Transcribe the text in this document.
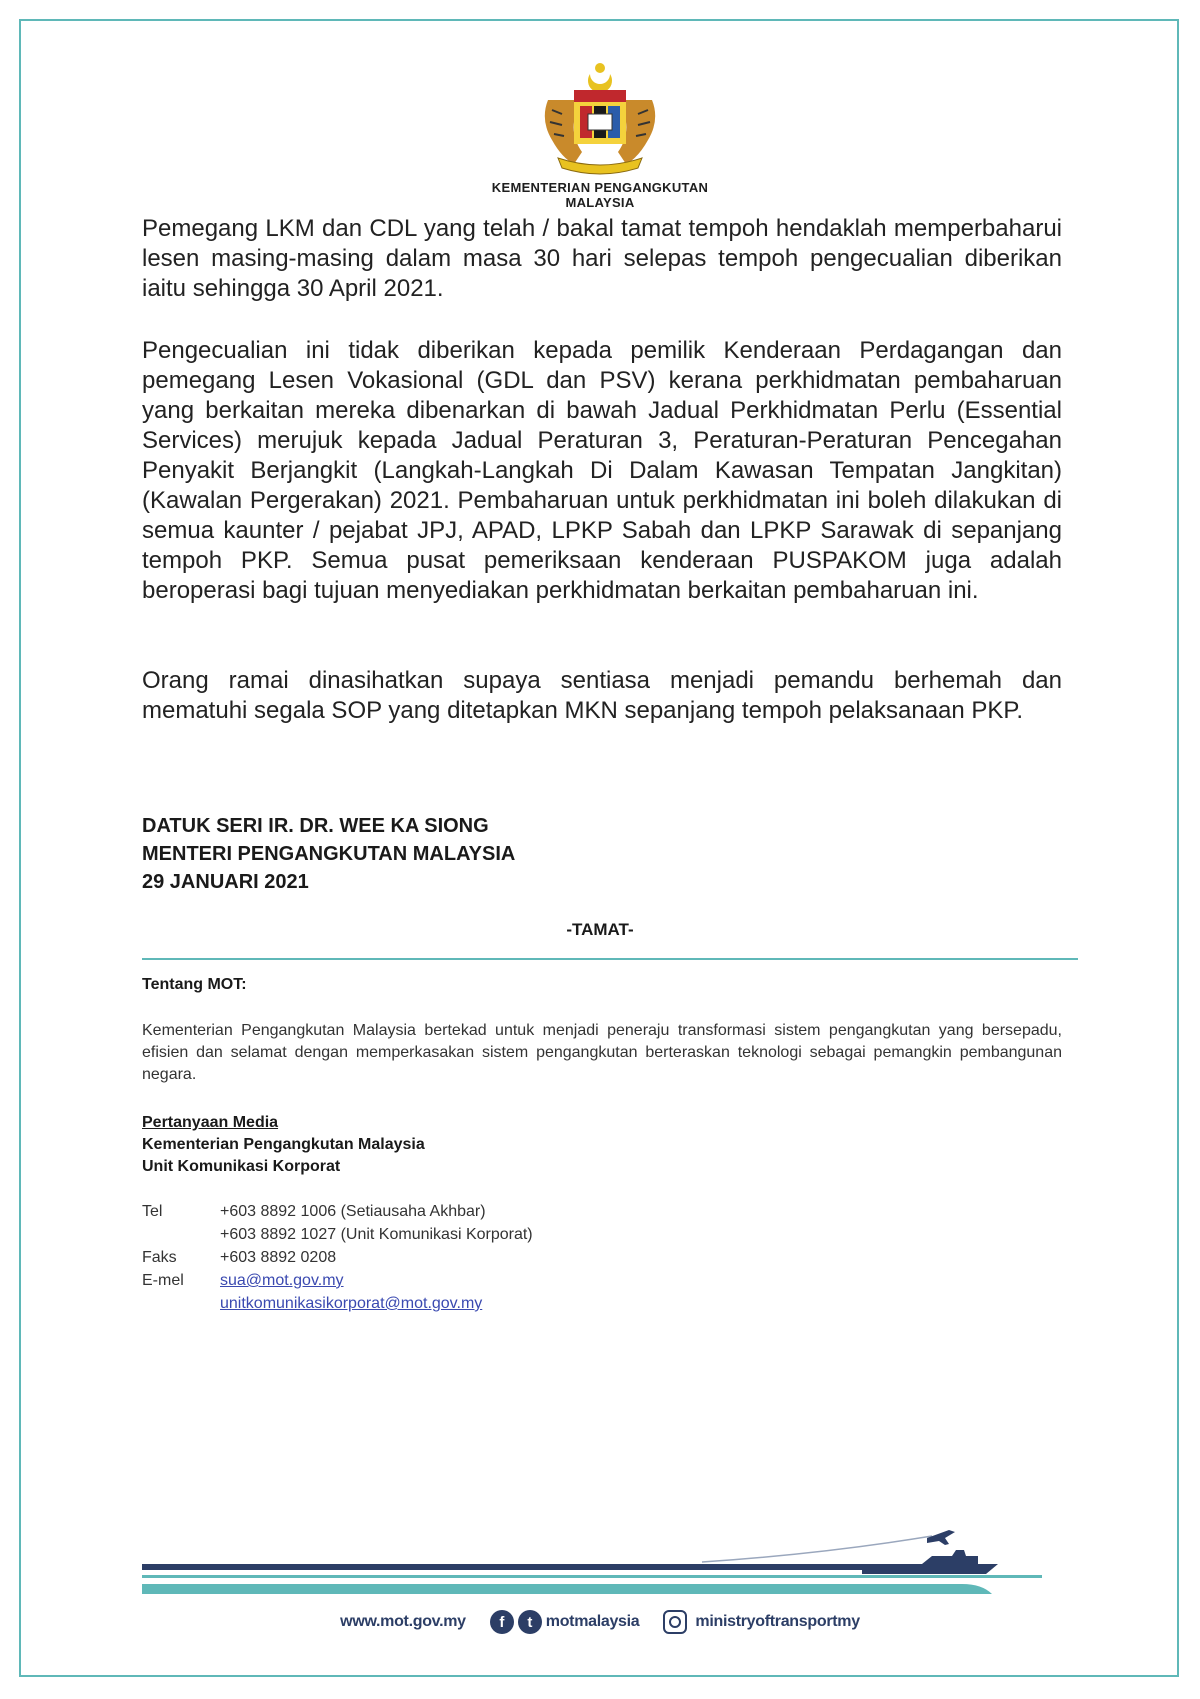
KEMENTERIAN PENGANGKUTAN
MALAYSIA

Pemegang LKM dan CDL yang telah / bakal tamat tempoh hendaklah memperbaharui lesen masing-masing dalam masa 30 hari selepas tempoh pengecualian diberikan iaitu sehingga 30 April 2021.

Pengecualian ini tidak diberikan kepada pemilik Kenderaan Perdagangan dan pemegang Lesen Vokasional (GDL dan PSV) kerana perkhidmatan pembaharuan yang berkaitan mereka dibenarkan di bawah Jadual Perkhidmatan Perlu (Essential Services) merujuk kepada Jadual Peraturan 3, Peraturan-Peraturan Pencegahan Penyakit Berjangkit (Langkah-Langkah Di Dalam Kawasan Tempatan Jangkitan) (Kawalan Pergerakan) 2021. Pembaharuan untuk perkhidmatan ini boleh dilakukan di semua kaunter / pejabat JPJ, APAD, LPKP Sabah dan LPKP Sarawak di sepanjang tempoh PKP. Semua pusat pemeriksaan kenderaan PUSPAKOM juga adalah beroperasi bagi tujuan menyediakan perkhidmatan berkaitan pembaharuan ini.

Orang ramai dinasihatkan supaya sentiasa menjadi pemandu berhemah dan mematuhi segala SOP yang ditetapkan MKN sepanjang tempoh pelaksanaan PKP.

DATUK SERI IR. DR. WEE KA SIONG
MENTERI PENGANGKUTAN MALAYSIA
29 JANUARI 2021
-TAMAT-
Tentang MOT:

Kementerian Pengangkutan Malaysia bertekad untuk menjadi peneraju transformasi sistem pengangkutan yang bersepadu, efisien dan selamat dengan memperkasakan sistem pengangkutan berteraskan teknologi sebagai pemangkin pembangunan negara.

Pertanyaan Media
Kementerian Pengangkutan Malaysia
Unit Komunikasi Korporat
Tel	+603 8892 1006 (Setiausaha Akhbar)
+603 8892 1027 (Unit Komunikasi Korporat)
Faks	+603 8892 0208
E-mel	sua@mot.gov.my
unitkomunikasikorporat@mot.gov.my
www.mot.gov.my	f	t motmalaysia	ministryoftransportmy
